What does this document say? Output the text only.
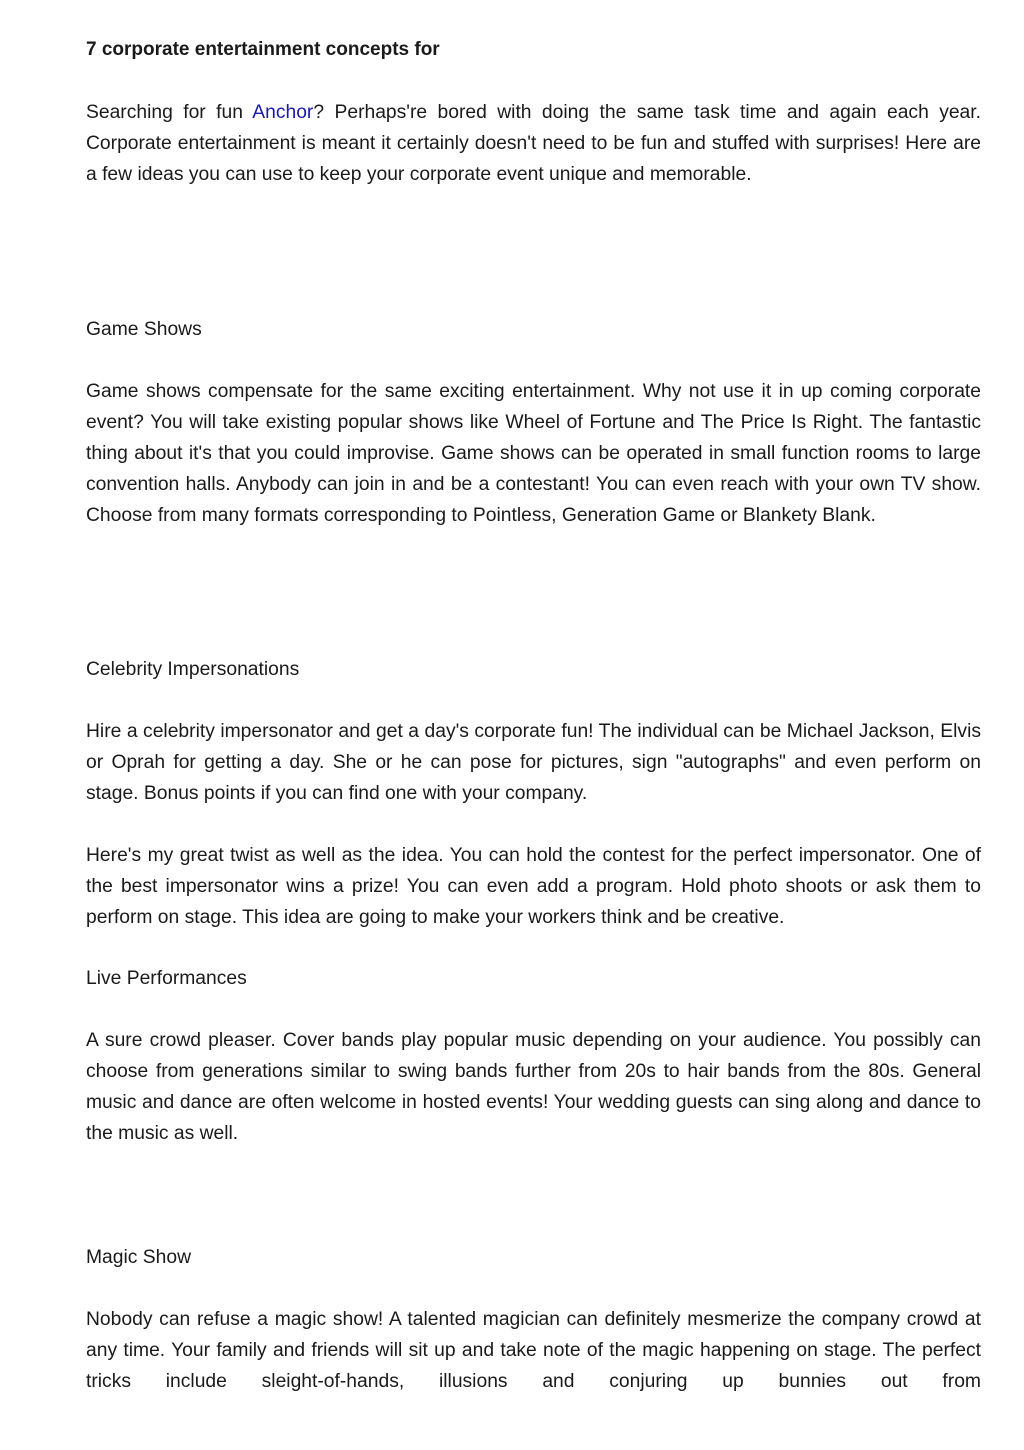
7 corporate entertainment concepts for

Searching for fun Anchor? Perhaps're bored with doing the same task time and again each year. Corporate entertainment is meant it certainly doesn't need to be fun and stuffed with surprises! Here are a few ideas you can use to keep your corporate event unique and memorable.

Game Shows

Game shows compensate for the same exciting entertainment. Why not use it in up coming corporate event? You will take existing popular shows like Wheel of Fortune and The Price Is Right. The fantastic thing about it's that you could improvise. Game shows can be operated in small function rooms to large convention halls. Anybody can join in and be a contestant! You can even reach with your own TV show. Choose from many formats corresponding to Pointless, Generation Game or Blankety Blank.

Celebrity Impersonations

Hire a celebrity impersonator and get a day's corporate fun! The individual can be Michael Jackson, Elvis or Oprah for getting a day. She or he can pose for pictures, sign "autographs" and even perform on stage. Bonus points if you can find one with your company.

Here's my great twist as well as the idea. You can hold the contest for the perfect impersonator. One of the best impersonator wins a prize! You can even add a program. Hold photo shoots or ask them to perform on stage. This idea are going to make your workers think and be creative.

Live Performances

A sure crowd pleaser. Cover bands play popular music depending on your audience. You possibly can choose from generations similar to swing bands further from 20s to hair bands from the 80s. General music and dance are often welcome in hosted events! Your wedding guests can sing along and dance to the music as well.

Magic Show

Nobody can refuse a magic show! A talented magician can definitely mesmerize the company crowd at any time. Your family and friends will sit up and take note of the magic happening on stage. The perfect tricks include sleight-of-hands, illusions and conjuring up bunnies out from
